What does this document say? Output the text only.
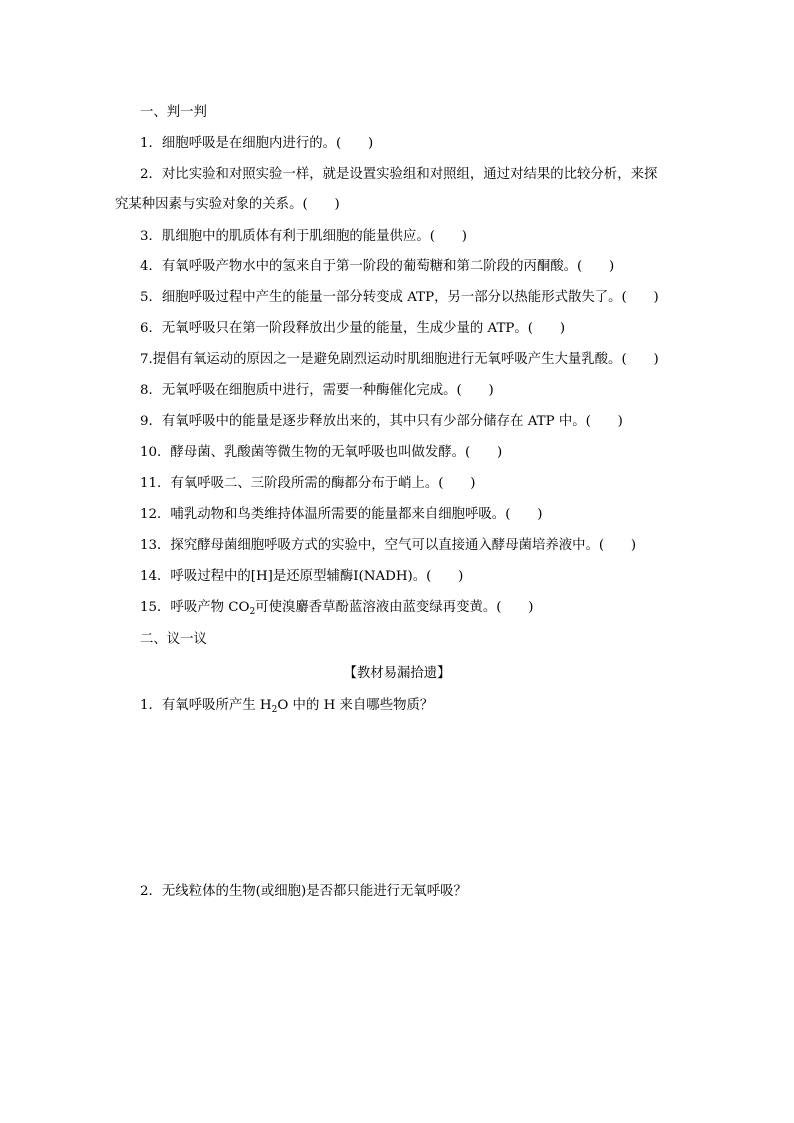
一、判一判
1．细胞呼吸是在细胞内进行的。(　　)
2．对比实验和对照实验一样，就是设置实验组和对照组，通过对结果的比较分析，来探
究某种因素与实验对象的关系。(　　)
3．肌细胞中的肌质体有利于肌细胞的能量供应。(　　)
4．有氧呼吸产物水中的氢来自于第一阶段的葡萄糖和第二阶段的丙酮酸。(　　)
5．细胞呼吸过程中产生的能量一部分转变成 ATP，另一部分以热能形式散失了。(　　)
6．无氧呼吸只在第一阶段释放出少量的能量，生成少量的 ATP。(　　)
7.提倡有氧运动的原因之一是避免剧烈运动时肌细胞进行无氧呼吸产生大量乳酸。(　　)
8．无氧呼吸在细胞质中进行，需要一种酶催化完成。(　　)
9．有氧呼吸中的能量是逐步释放出来的，其中只有少部分储存在 ATP 中。(　　)
10．酵母菌、乳酸菌等微生物的无氧呼吸也叫做发酵。(　　)
11．有氧呼吸二、三阶段所需的酶都分布于峭上。(　　)
12．哺乳动物和鸟类维持体温所需要的能量都来自细胞呼吸。(　　)
13．探究酵母菌细胞呼吸方式的实验中，空气可以直接通入酵母菌培养液中。(　　)
14．呼吸过程中的[H]是还原型辅酶Ⅰ(NADH)。(　　)
15．呼吸产物 $CO_2$可使溴麝香草酚蓝溶液由蓝变绿再变黄。(　　)
二、议一议
【教材易漏拾遗】
1．有氧呼吸所产生 $H_2O$ 中的 H 来自哪些物质？
2．无线粒体的生物(或细胞)是否都只能进行无氧呼吸？
